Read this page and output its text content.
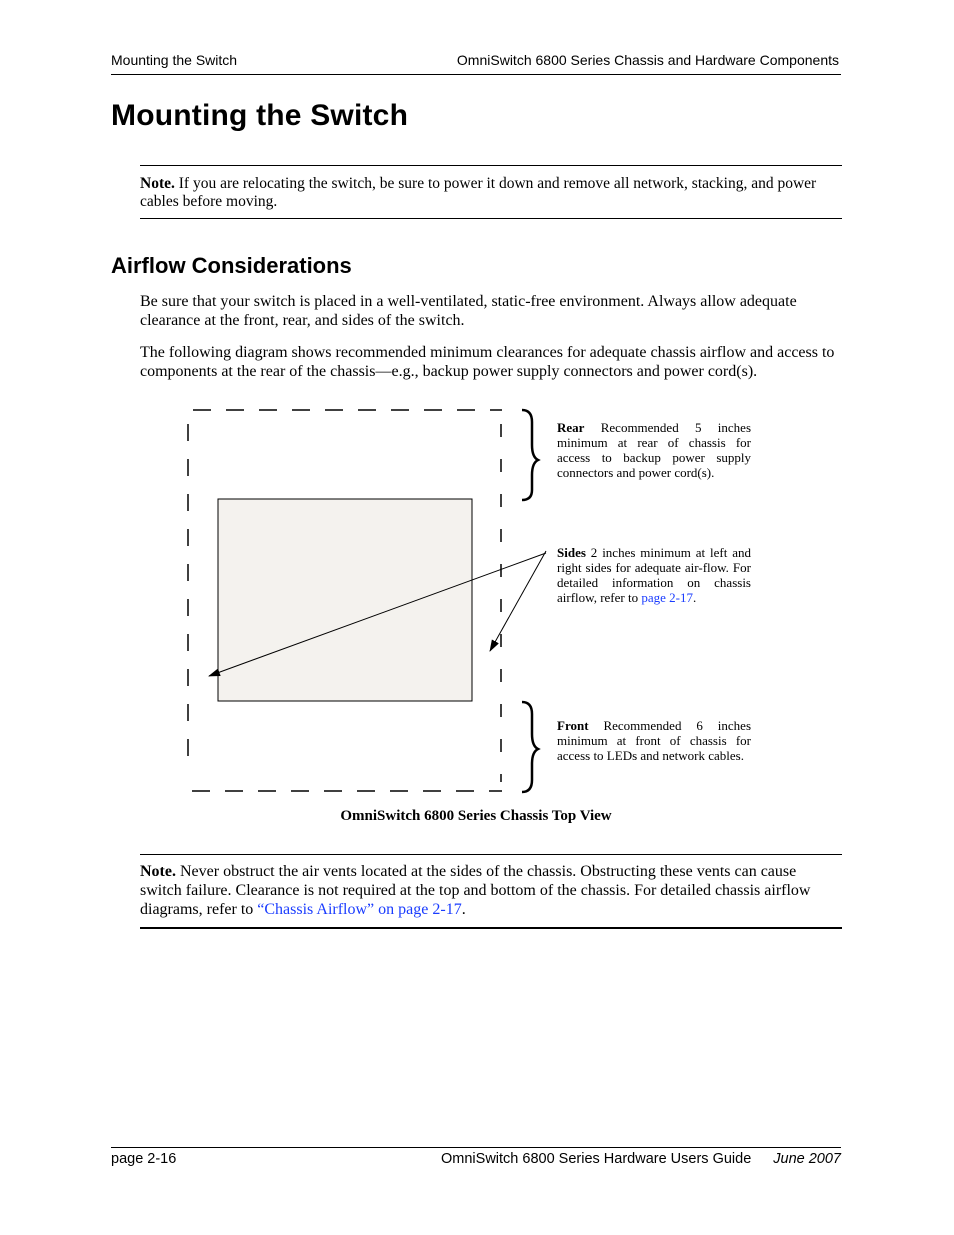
Mounting the Switch	OmniSwitch 6800 Series Chassis and Hardware Components
Mounting the Switch
Note. If you are relocating the switch, be sure to power it down and remove all network, stacking, and power cables before moving.
Airflow Considerations

Be sure that your switch is placed in a well-ventilated, static-free environment. Always allow adequate clearance at the front, rear, and sides of the switch.

The following diagram shows recommended minimum clearances for adequate chassis airflow and access to components at the rear of the chassis—e.g., backup power supply connectors and power cord(s).

Rear Recommended 5 inches minimum at rear of chassis for access to backup power supply connectors and power cord(s).
Sides 2 inches minimum at left and right sides for adequate air-flow. For detailed information on chassis airflow, refer to page 2-17.
Front Recommended 6 inches minimum at front of chassis for access to LEDs and network cables.
OmniSwitch 6800 Series Chassis Top View
Note. Never obstruct the air vents located at the sides of the chassis. Obstructing these vents can cause switch failure. Clearance is not required at the top and bottom of the chassis. For detailed chassis airflow diagrams, refer to “Chassis Airflow” on page 2-17.
page 2-16	OmniSwitch 6800 Series Hardware Users Guide June 2007
